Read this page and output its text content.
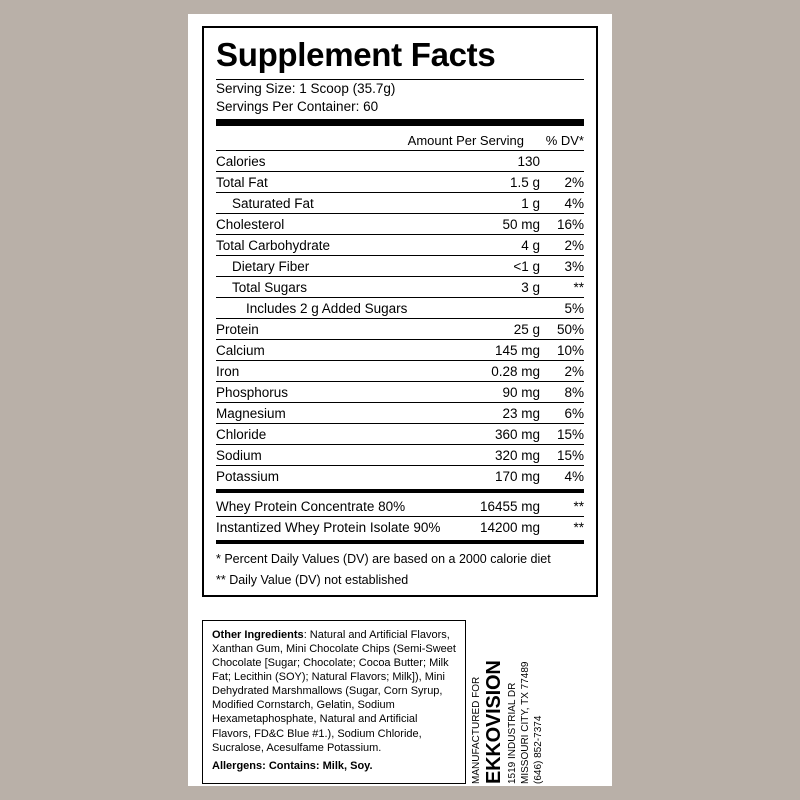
Supplement Facts
Serving Size: 1 Scoop (35.7g)
Servings Per Container: 60
	Amount Per Serving	% DV*
Calories	130	
Total Fat	1.5 g	2%
Saturated Fat	1 g	4%
Cholesterol	50 mg	16%
Total Carbohydrate	4 g	2%
Dietary Fiber	<1 g	3%
Total Sugars	3 g	**
Includes 2 g Added Sugars		5%
Protein	25 g	50%
Calcium	145 mg	10%
Iron	0.28 mg	2%
Phosphorus	90 mg	8%
Magnesium	23 mg	6%
Chloride	360 mg	15%
Sodium	320 mg	15%
Potassium	170 mg	4%
Whey Protein Concentrate 80%	16455 mg	**
Instantized Whey Protein Isolate 90%	14200 mg	**
* Percent Daily Values (DV) are based on a 2000 calorie diet
** Daily Value (DV) not established
Other Ingredients: Natural and Artificial Flavors, Xanthan Gum, Mini Chocolate Chips (Semi-Sweet Chocolate [Sugar; Chocolate; Cocoa Butter; Milk Fat; Lecithin (SOY); Natural Flavors; Milk]), Mini Dehydrated Marshmallows (Sugar, Corn Syrup, Modified Cornstarch, Gelatin, Sodium Hexametaphosphate, Natural and Artificial Flavors, FD&C Blue #1.), Sodium Chloride, Sucralose, Acesulfame Potassium.
Allergens: Contains: Milk, Soy.	MANUFACTURED FOR EKKOVISION 1519 INDUSTRIAL DR MISSOURI CITY, TX 77489 (646) 852-7374
